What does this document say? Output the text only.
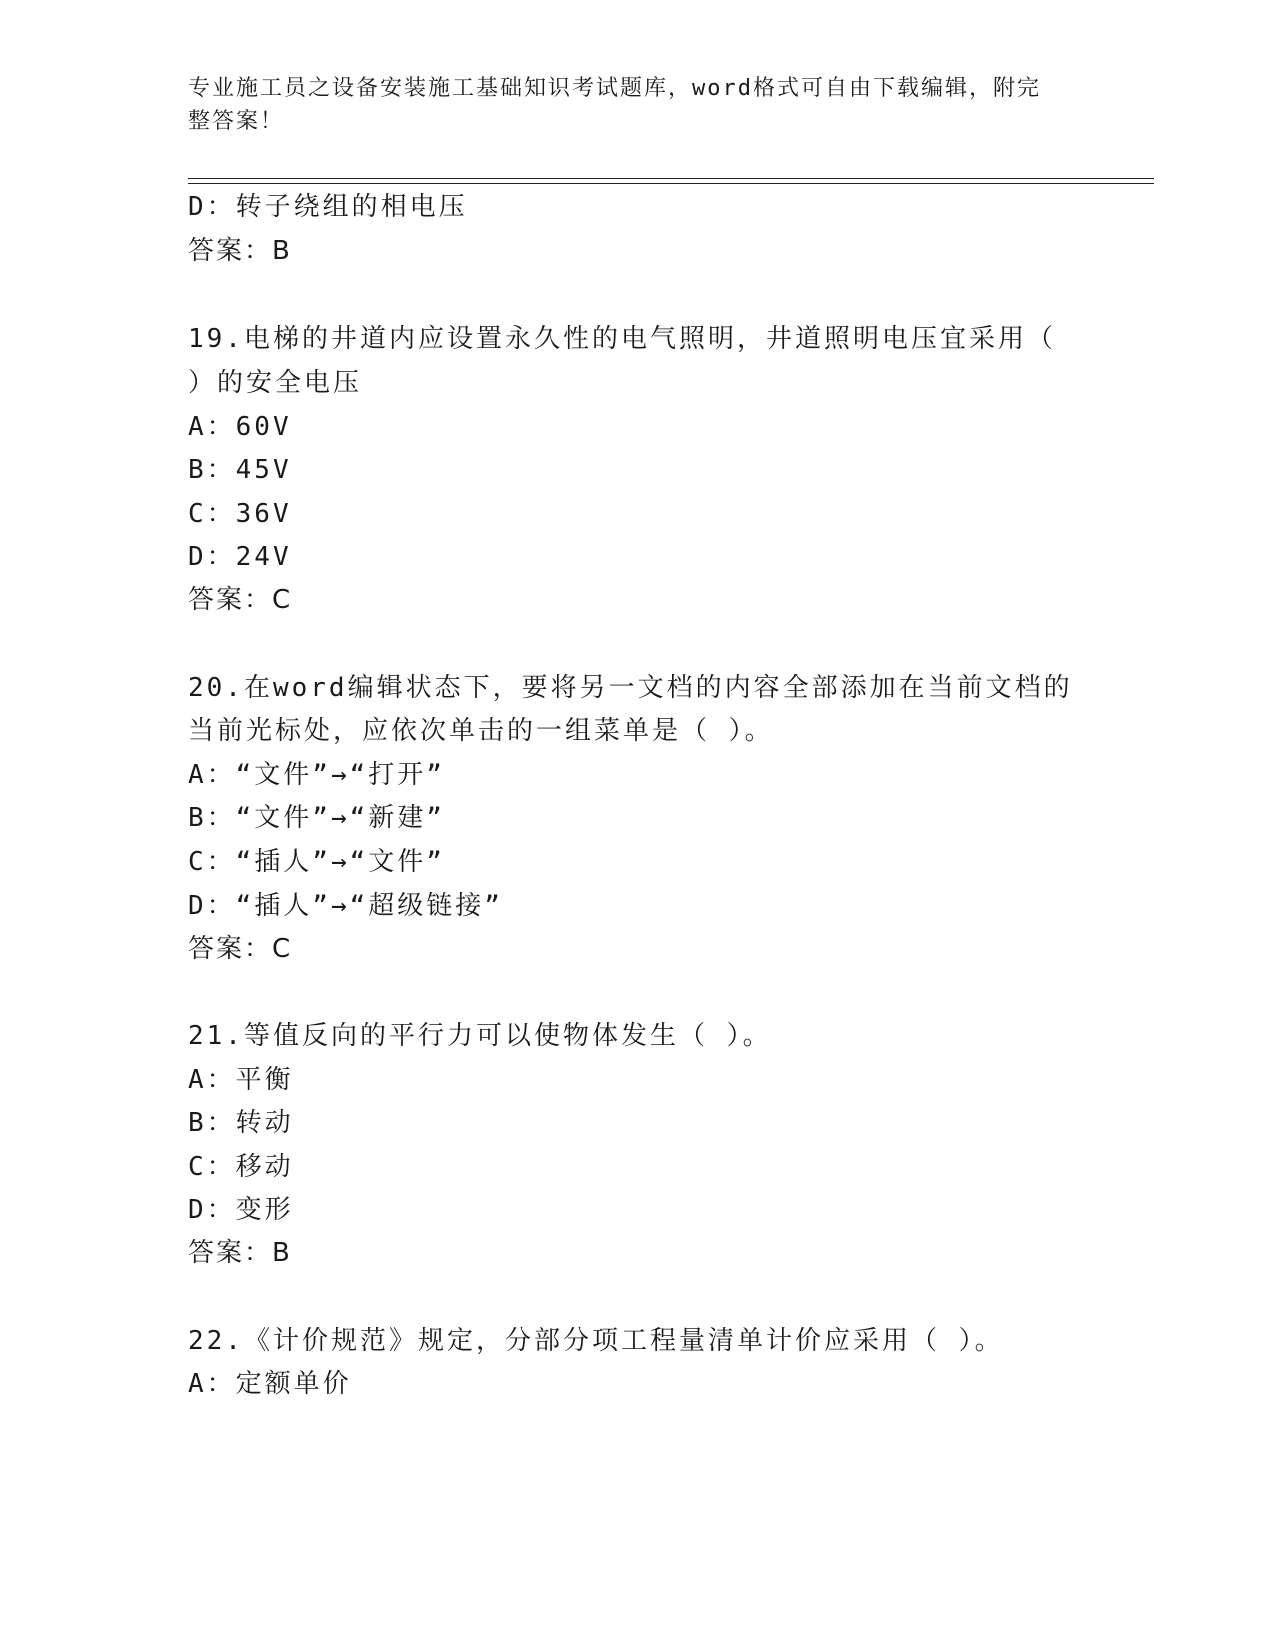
专业施工员之设备安装施工基础知识考试题库，word格式可自由下载编辑，附完
整答案！
D：转子绕组的相电压
答案：B
19.电梯的井道内应设置永久性的电气照明，井道照明电压宜采用（
）的安全电压
A：60V
B：45V
C：36V
D：24V
答案：C
20.在word编辑状态下，要将另一文档的内容全部添加在当前文档的
当前光标处，应依次单击的一组菜单是（ ）。
A：“文件”→“打开”
B：“文件”→“新建”
C：“插人”→“文件”
D：“插人”→“超级链接”
答案：C
21.等值反向的平行力可以使物体发生（ ）。
A：平衡
B：转动
C：移动
D：变形
答案：B
22.《计价规范》规定，分部分项工程量清单计价应采用（ ）。
A：定额单价
